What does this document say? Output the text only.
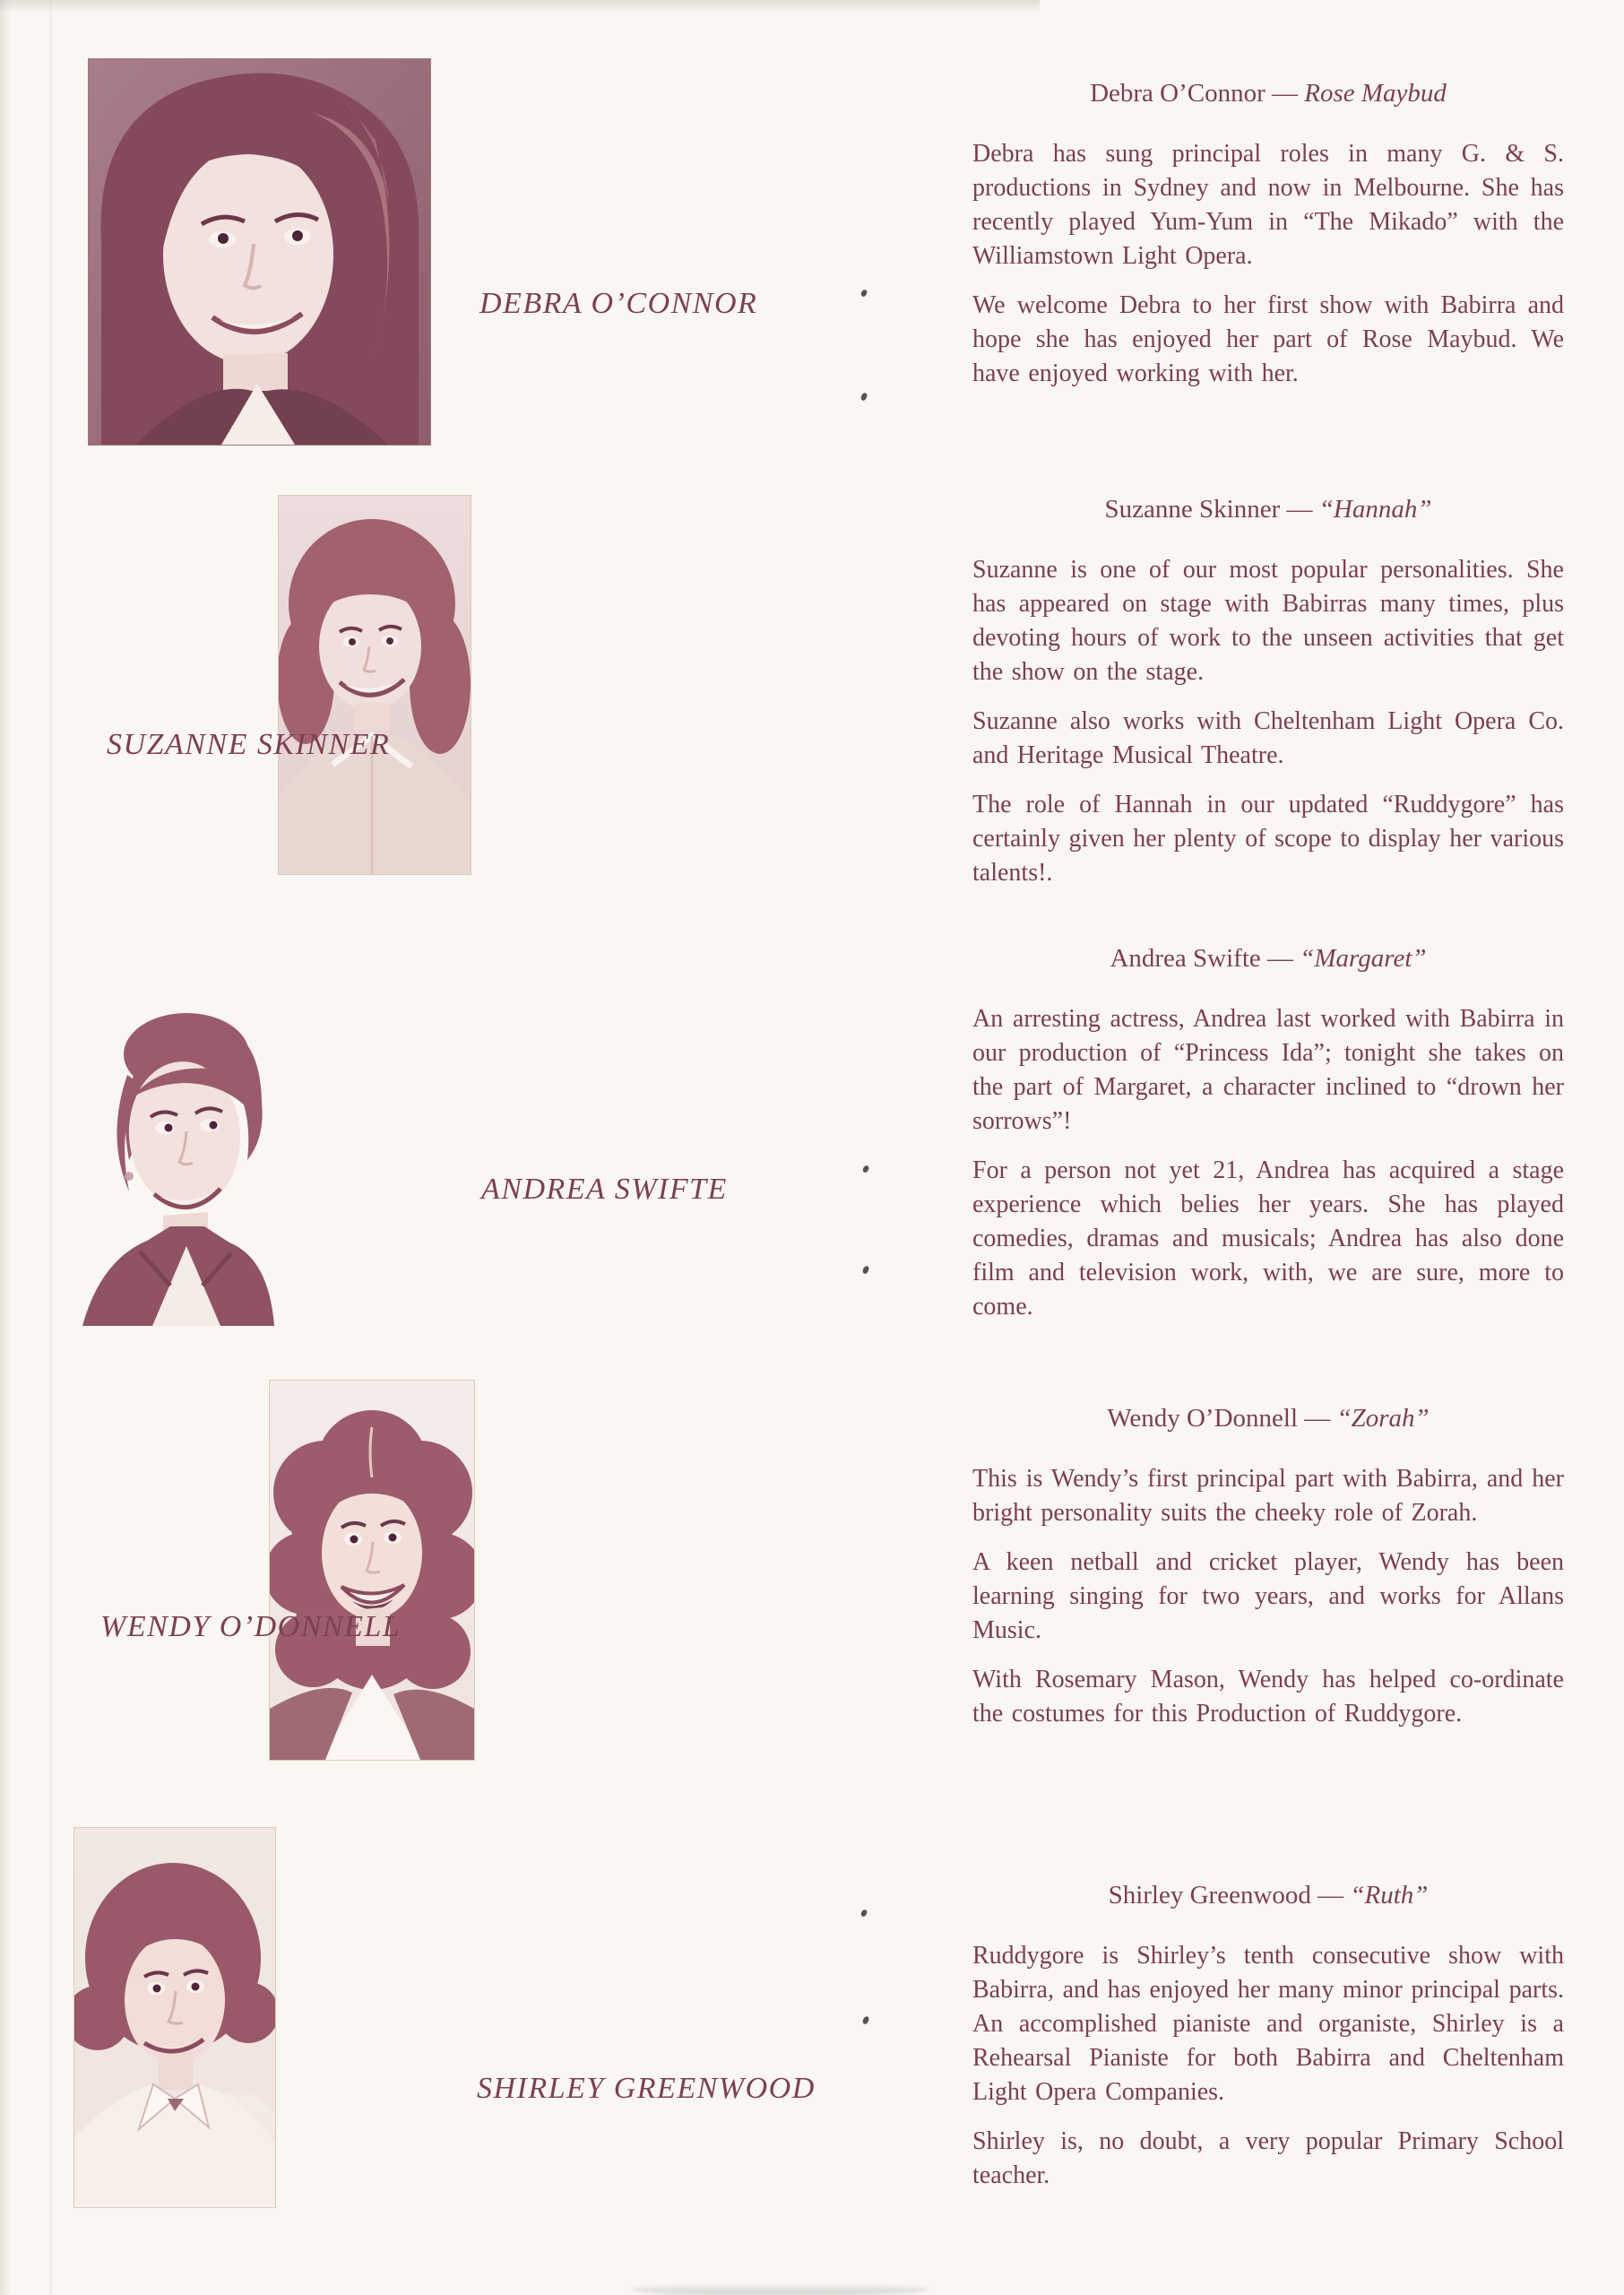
DEBRA O’CONNOR
SUZANNE SKINNER
ANDREA SWIFTE
WENDY O’DONNELL
SHIRLEY GREENWOOD
Debra O’Connor — Rose Maybud

Debra has sung principal roles in many G. & S. productions in Sydney and now in Melbourne. She has recently played Yum-Yum in “The Mikado” with the Williamstown Light Opera.

We welcome Debra to her first show with Babirra and hope she has enjoyed her part of Rose Maybud. We have enjoyed working with her.

Suzanne Skinner — “Hannah”

Suzanne is one of our most popular personalities. She has appeared on stage with Babirras many times, plus devoting hours of work to the unseen activities that get the show on the stage.

Suzanne also works with Cheltenham Light Opera Co. and Heritage Musical Theatre.

The role of Hannah in our updated “Ruddygore” has certainly given her plenty of scope to display her various talents!.

Andrea Swifte — “Margaret”

An arresting actress, Andrea last worked with Babirra in our production of “Princess Ida”; tonight she takes on the part of Margaret, a character inclined to “drown her sorrows”!

For a person not yet 21, Andrea has acquired a stage experience which belies her years. She has played comedies, dramas and musicals; Andrea has also done film and television work, with, we are sure, more to come.

Wendy O’Donnell — “Zorah”

This is Wendy’s first principal part with Babirra, and her bright personality suits the cheeky role of Zorah.

A keen netball and cricket player, Wendy has been learning singing for two years, and works for Allans Music.

With Rosemary Mason, Wendy has helped co-ordinate the costumes for this Production of Ruddygore.

Shirley Greenwood — “Ruth”

Ruddygore is Shirley’s tenth consecutive show with Babirra, and has enjoyed her many minor principal parts. An accomplished pianiste and organiste, Shirley is a Rehearsal Pianiste for both Babirra and Cheltenham Light Opera Companies.

Shirley is, no doubt, a very popular Primary School teacher.
